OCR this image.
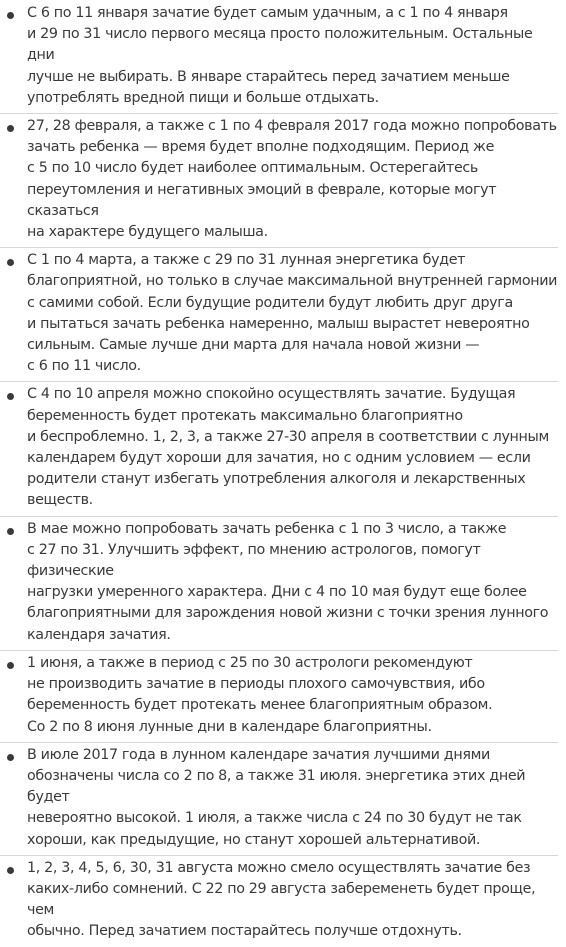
С 6 по 11 января зачатие будет самым удачным, а с 1 по 4 января
и 29 по 31 число первого месяца просто положительным. Остальные дни
лучше не выбирать. В январе старайтесь перед зачатием меньше
употреблять вредной пищи и больше отдыхать.
27, 28 февраля, а также с 1 по 4 февраля 2017 года можно попробовать
зачать ребенка — время будет вполне подходящим. Период же
с 5 по 10 число будет наиболее оптимальным. Остерегайтесь
переутомления и негативных эмоций в феврале, которые могут сказаться
на характере будущего малыша.
С 1 по 4 марта, а также с 29 по 31 лунная энергетика будет
благоприятной, но только в случае максимальной внутренней гармонии
с самими собой. Если будущие родители будут любить друг друга
и пытаться зачать ребенка намеренно, малыш вырастет невероятно
сильным. Самые лучше дни марта для начала новой жизни —
с 6 по 11 число.
С 4 по 10 апреля можно спокойно осуществлять зачатие. Будущая
беременность будет протекать максимально благоприятно
и беспроблемно. 1, 2, 3, а также 27-30 апреля в соответствии с лунным
календарем будут хороши для зачатия, но с одним условием — если
родители станут избегать употребления алкоголя и лекарственных
веществ.
В мае можно попробовать зачать ребенка с 1 по 3 число, а также
с 27 по 31. Улучшить эффект, по мнению астрологов, помогут физические
нагрузки умеренного характера. Дни с 4 по 10 мая будут еще более
благоприятными для зарождения новой жизни с точки зрения лунного
календаря зачатия.
1 июня, а также в период с 25 по 30 астрологи рекомендуют
не производить зачатие в периоды плохого самочувствия, ибо
беременность будет протекать менее благоприятным образом.
Со 2 по 8 июня лунные дни в календаре благоприятны.
В июле 2017 года в лунном календаре зачатия лучшими днями
обозначены числа со 2 по 8, а также 31 июля. энергетика этих дней будет
невероятно высокой. 1 июля, а также числа с 24 по 30 будут не так
хороши, как предыдущие, но станут хорошей альтернативой.
1, 2, 3, 4, 5, 6, 30, 31 августа можно смело осуществлять зачатие без
каких-либо сомнений. С 22 по 29 августа забеременеть будет проще, чем
обычно. Перед зачатием постарайтесь получше отдохнуть.
